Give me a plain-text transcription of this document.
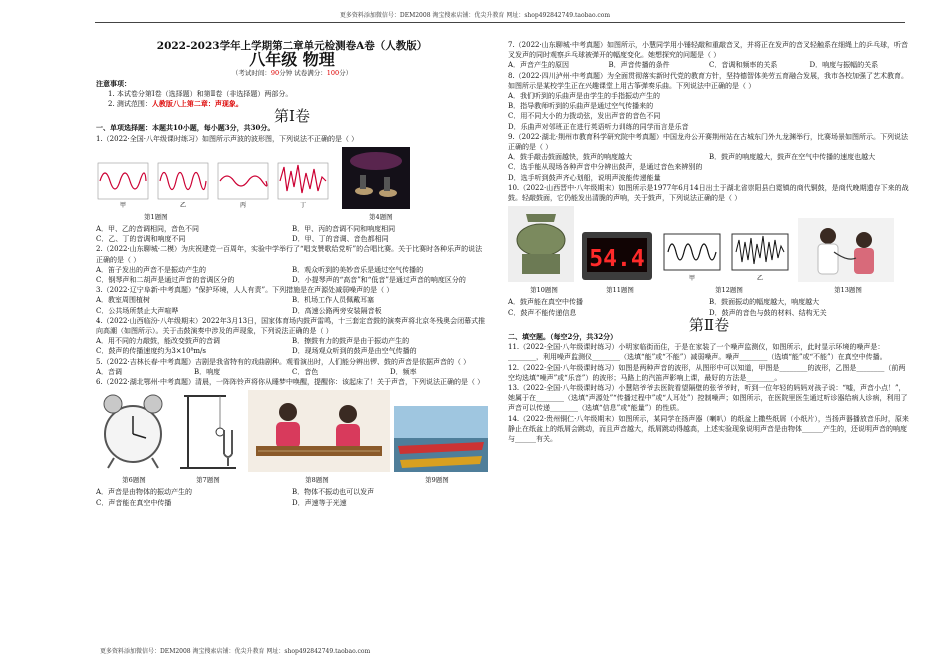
更多资料添加微信号：DEM2008 淘宝搜索店铺：优尖升教育 网址：shop492842749.taobao.com

2022-2023学年上学期第二章单元检测卷A卷（人教版）

八年级 物理

（考试时间：90分钟 试卷满分：100分）

注意事项：

1. 本试卷分第Ⅰ卷（选择题）和第Ⅱ卷（非选择题）两部分。

2. 测试范围：人教版八上第二章：声现象。

第Ⅰ卷

一、单项选择题：本题共10小题，每小题3分，共30分。

1.（2022·全国·八年级课时练习）如图所示声波的波形图，下列说法不正确的是（ ）

甲	乙	丙	丁
第1题图	第4题图
A．甲、乙的音调相同，音色不同	B．甲、丙的音调不同和响度相同
C．乙、丁的音调和响度不同	D．甲、丁的音调、音色都相同

2.（2022·山东聊城·二模）为庆祝建党一百周年，实验中学举行了“唱支赞歌给党听”的合唱比赛。关于比赛时各种乐声的说法正确的是（ ）

A．笛子发出的声音不是振动产生的	B．观众听到的美妙音乐是通过空气传播的
C．钢琴声和二胡声是通过声音的音调区分的	D．小提琴声的“高音”和“低音”是通过声音的响度区分的

3.（2022·辽宁阜新·中考真题）“保护环境，人人有责”。下列措施是在声源处减弱噪声的是（ ）

A．教室周围植树	B．机场工作人员佩戴耳塞
C．公共场所禁止大声喧哗	D．高速公路两旁安装隔音板

4.（2022·山西临汾·八年级期末）2022年3月13日，国家体育场内鼓声雷鸣，十三套定音鼓的演奏声将北京冬残奥会闭幕式推向高潮（如图所示）。关于击鼓演奏中涉及的声现象，下列说法正确的是（ ）

A．用不同的力敲鼓，能改变鼓声的音调	B．擦鼓有力的鼓声是由于振动产生的
C．鼓声的传播速度约为3×10⁸m/s	D．现场观众听到的鼓声是由空气传播的

5.（2022·吉林长春·中考真题）吉剧是我省特有的戏曲剧种。观看演出时，人们能分辨出锣、鼓的声音是依据声音的（ ）

A．音调	B．响度	C．音色	D．频率

6.（2022·湖北鄂州·中考真题）清晨，一阵阵铃声将你从睡梦中唤醒，提醒你：该起床了！关于声音，下列说法正确的是（ ）

第6题图	第7题图	第8题图	第9题图
A．声音是由物体的振动产生的	B．物体不振动也可以发声
C．声音能在真空中传播	D．声速等于光速

7.（2022·山东聊城·中考真题）如图所示，小慧同学用小锤轻敲和重敲音叉，并将正在发声的音叉轻触系在细绳上的乒乓球，听音叉发声的同时观察乒乓球被弹开的幅度变化。她想探究的问题是（ ）

A．声音产生的原因	B．声音传播的条件	C．音调和频率的关系	D．响度与振幅的关系

8.（2022·四川泸州·中考真题）为全面贯彻落实新时代党的教育方针，坚持德智体美劳五育融合发展，我市各校加强了艺术教育。如图所示是某校学生正在兴趣课堂上用古筝弹奏乐曲。下列说法中正确的是（ ）

A．我们听到的乐曲声是由学生的手指振动产生的

B．指导教师听到的乐曲声是通过空气传播来的

C．用不同大小的力拨动弦，发出声音的音色不同

D．乐曲声对邻班正在进行英语听力训练的同学而言是乐音

9.（2022·湖北·荆州市教育科学研究院中考真题）中国龙舟公开赛荆州站在古城东门外九龙渊举行，比赛场景如图所示。下列说法正确的是（ ）

A．鼓手敲击鼓面越快，鼓声的响度越大	B．鼓声的响度越大，鼓声在空气中传播的速度也越大

C．选手能从现场各种声音中分辨出鼓声，是通过音色来辨别的

D．选手听到鼓声齐心划船，说明声波能传递能量

10.（2022·山西晋中·八年级期末）如图所示是1977年6月14日出土于湖北省崇阳县白霓镇的商代铜鼓，是商代晚期遗存下来的战鼓。轻敲鼓面，它仍能发出清脆的声响，关于鼓声，下列说法正确的是（ ）

54.4
甲	乙
第10题图	第11题图	第12题图	第13题图
A．鼓声能在真空中传播	B．鼓面振动的幅度越大，响度越大
C．鼓声不能传递信息	D．鼓声的音色与鼓的材料、结构无关

第Ⅱ卷

二、填空题。（每空2分，共32分）

11.（2022·全国·八年级课时练习）小明家临街而住，于是在家装了一个噪声监测仪，如图所示，此时显示环境的噪声是：________，利用噪声监测仪________（选填“能”或“不能”）减弱噪声。噪声________（选填“能”或“不能”）在真空中传播。

12.（2022·全国·八年级课时练习）如图是两种声音的波形，从图形中可以知道，甲图是________的波形，乙图是________（前两空均选填“噪声”或“乐音”）的波形；马路上的汽笛声影响上课，最好的方法是________。

13.（2022·全国·八年级课时练习）小慧陪爷爷去医院看望隔壁的张爷爷时，听到一位年轻的妈妈对孩子说：“嘘，声音小点！”，她属于在________（选填“声源处”“传播过程中”或“人耳处”）控制噪声；如图所示，在医院里医生通过听诊器给病人诊病，利用了声音可以传递________（选填“信息”或“能量”）的性质。

14.（2022·贵州铜仁·八年级期末）如图所示，某同学在扬声器（喇叭）的纸盆上撒些纸屑（小纸片），当扬声器播放音乐时，原来静止在纸盆上的纸屑会跳动，而且声音越大，纸屑跳动得越高，上述实验现象说明声音是由物体______产生的，还说明声音的响度与______有关。

更多资料添加微信号：DEM2008 淘宝搜索店铺：优尖升教育 网址：shop492842749.taobao.com
